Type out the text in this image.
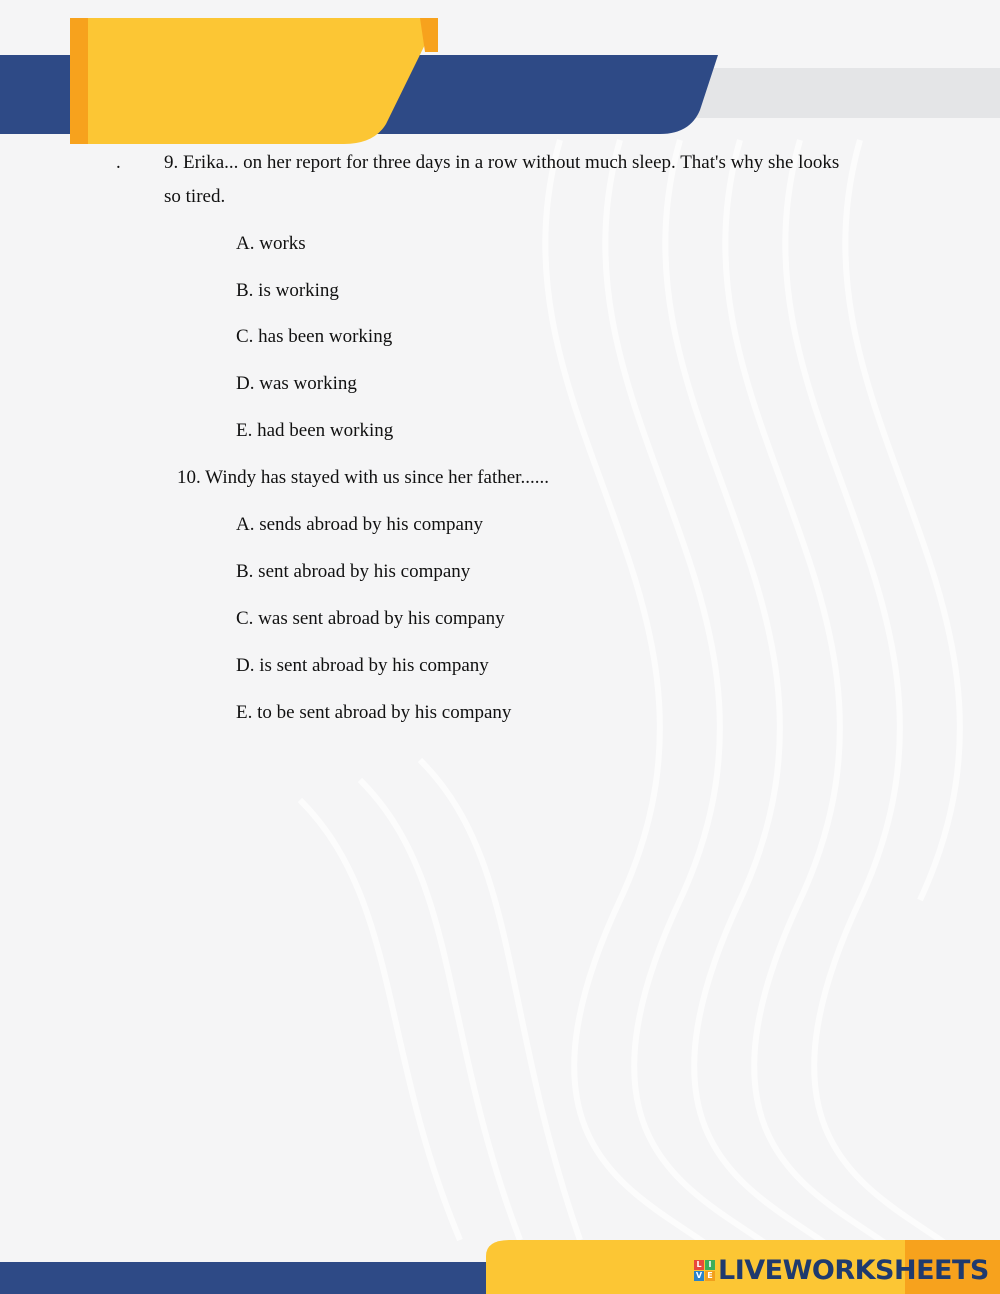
. 9. Erika... on her report for three days in a row without much sleep. That's why she looks
so tired.
A. works
B. is working
C. has been working
D. was working
E. had been working
10. Windy has stayed with us since her father......
A. sends abroad by his company
B. sent abroad by his company
C. was sent abroad by his company
D. is sent abroad by his company
E. to be sent abroad by his company
L I
V E LIVEWORKSHEETS
